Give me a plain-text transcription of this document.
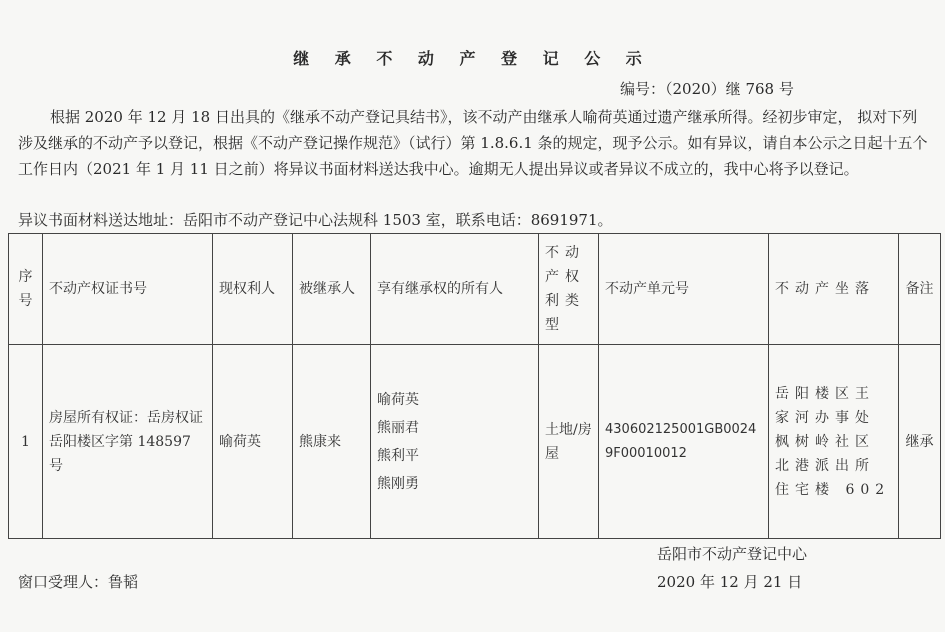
继 承 不 动 产 登 记 公 示
编号：（2020）继 768 号

根据 2020 年 12 月 18 日出具的《继承不动产登记具结书》，该不动产由继承人喻荷英通过遗产继承所得。经初步审定， 拟对下列涉及继承的不动产予以登记，根据《不动产登记操作规范》（试行）第 1.8.6.1 条的规定，现予公示。如有异议，请自本公示之日起十五个工作日内（2021 年 1 月 11 日之前）将异议书面材料送达我中心。逾期无人提出异议或者异议不成立的，我中心将予以登记。

异议书面材料送达地址：岳阳市不动产登记中心法规科 1503 室，联系电话：8691971。
序号	不动产权证书号	现权利人	被继承人	享有继承权的所有人	不动产权利类型	不动产单元号	不动产坐落	备注
1	房屋所有权证：岳房权证岳阳楼区字第 148597 号	喻荷英	熊康来	喻荷英
熊丽君
熊利平
熊刚勇	土地/房屋	430602125001GB00249F00010012	岳阳楼区王家河办事处枫树岭社区北港派出所住宅楼 602	继承
岳阳市不动产登记中心
2020 年 12 月 21 日
窗口受理人：鲁韬
